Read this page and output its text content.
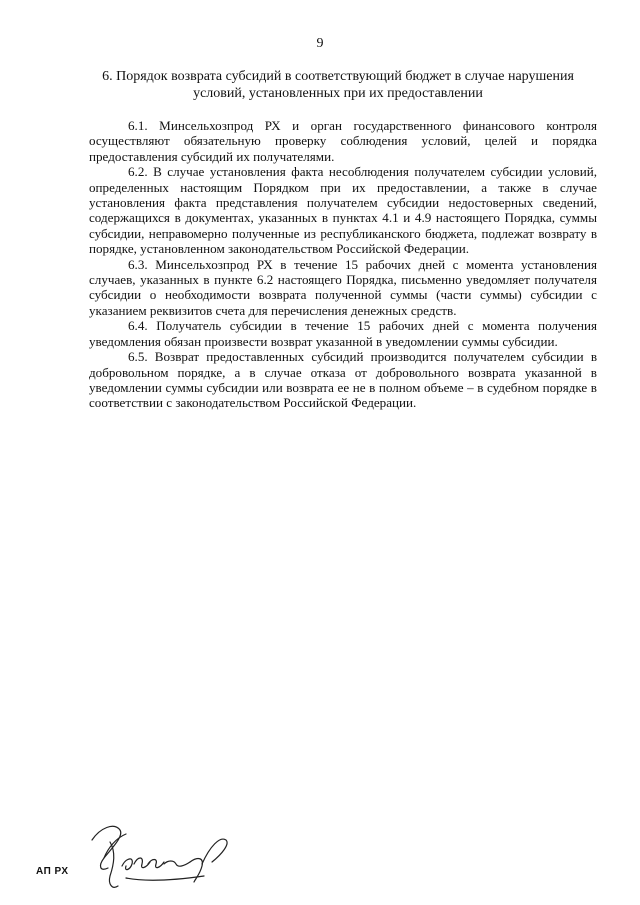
9
6. Порядок возврата субсидий в соответствующий бюджет в случае нарушения
условий, установленных при их предоставлении

6.1. Минсельхозпрод РХ и орган государственного финансового контроля осуществляют обязательную проверку соблюдения условий, целей и порядка предоставления субсидий их получателями.

6.2. В случае установления факта несоблюдения получателем субсидии условий, определенных настоящим Порядком при их предоставлении, а также в случае установления факта представления получателем субсидии недостоверных сведений, содержащихся в документах, указанных в пунктах 4.1 и 4.9 настоящего Порядка, суммы субсидии, неправомерно полученные из республиканского бюджета, подлежат возврату в порядке, установленном законодательством Российской Федерации.

6.3. Минсельхозпрод РХ в течение 15 рабочих дней с момента установления случаев, указанных в пункте 6.2 настоящего Порядка, письменно уведомляет получателя субсидии о необходимости возврата полученной суммы (части суммы) субсидии с указанием реквизитов счета для перечисления денежных средств.

6.4. Получатель субсидии в течение 15 рабочих дней с момента получения уведомления обязан произвести возврат указанной в уведомлении суммы субсидии.

6.5. Возврат предоставленных субсидий производится получателем субсидии в добровольном порядке, а в случае отказа от добровольного возврата указанной в уведомлении суммы субсидии или возврата ее не в полном объеме – в судебном порядке в соответствии с законодательством Российской Федерации.

АП РХ
